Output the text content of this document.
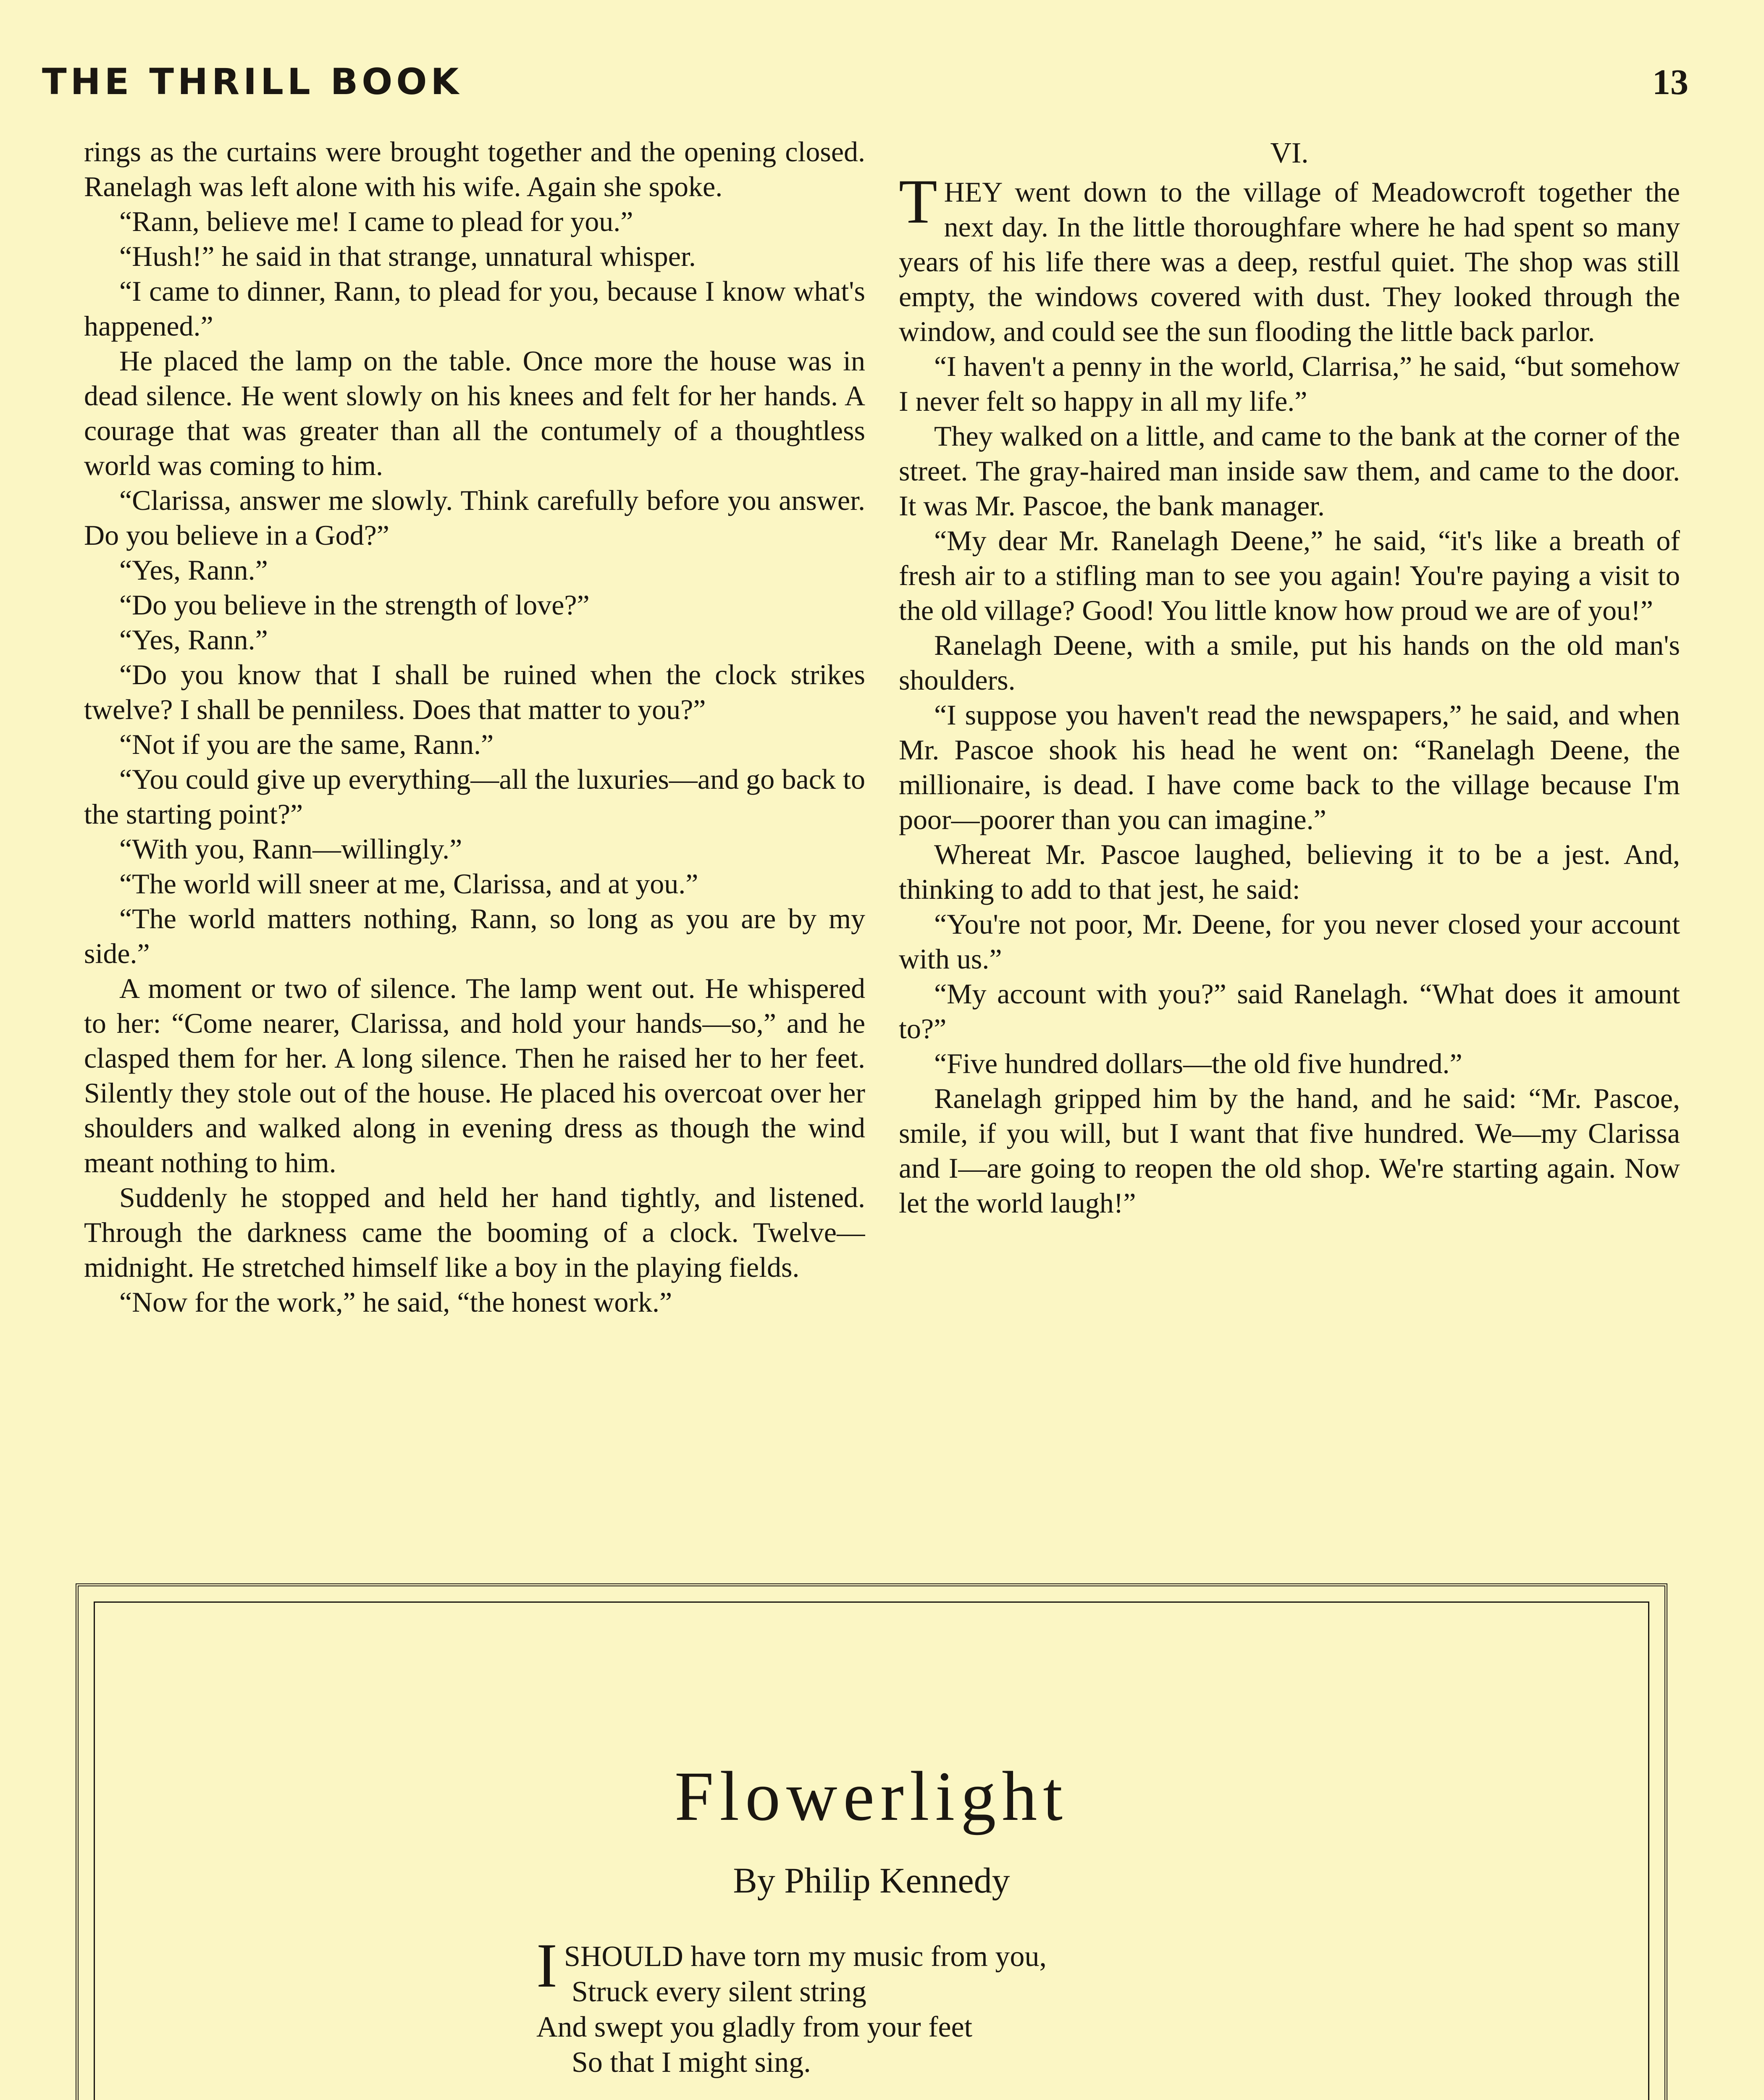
THE THRILL BOOK	13

rings as the curtains were brought together and the opening closed. Ranelagh was left alone with his wife. Again she spoke.

“Rann, believe me! I came to plead for you.”

“Hush!” he said in that strange, unnatural whisper.

“I came to dinner, Rann, to plead for you, because I know what's happened.”

He placed the lamp on the table. Once more the house was in dead silence. He went slowly on his knees and felt for her hands. A courage that was greater than all the contumely of a thoughtless world was coming to him.

“Clarissa, answer me slowly. Think carefully before you answer. Do you believe in a God?”

“Yes, Rann.”

“Do you believe in the strength of love?”

“Yes, Rann.”

“Do you know that I shall be ruined when the clock strikes twelve? I shall be penniless. Does that matter to you?”

“Not if you are the same, Rann.”

“You could give up everything—all the luxuries—and go back to the starting point?”

“With you, Rann—willingly.”

“The world will sneer at me, Clarissa, and at you.”

“The world matters nothing, Rann, so long as you are by my side.”

A moment or two of silence. The lamp went out. He whispered to her: “Come nearer, Clarissa, and hold your hands—so,” and he clasped them for her. A long silence. Then he raised her to her feet. Silently they stole out of the house. He placed his overcoat over her shoulders and walked along in evening dress as though the wind meant nothing to him.

Suddenly he stopped and held her hand tightly, and listened. Through the darkness came the booming of a clock. Twelve—midnight. He stretched himself like a boy in the playing fields.

“Now for the work,” he said, “the honest work.”

VI.

THEY went down to the village of Meadowcroft together the next day. In the little thoroughfare where he had spent so many years of his life there was a deep, restful quiet. The shop was still empty, the windows covered with dust. They looked through the window, and could see the sun flooding the little back parlor.

“I haven't a penny in the world, Clarrisa,” he said, “but somehow I never felt so happy in all my life.”

They walked on a little, and came to the bank at the corner of the street. The gray-haired man inside saw them, and came to the door. It was Mr. Pascoe, the bank manager.

“My dear Mr. Ranelagh Deene,” he said, “it's like a breath of fresh air to a stifling man to see you again! You're paying a visit to the old village? Good! You little know how proud we are of you!”

Ranelagh Deene, with a smile, put his hands on the old man's shoulders.

“I suppose you haven't read the newspapers,” he said, and when Mr. Pascoe shook his head he went on: “Ranelagh Deene, the millionaire, is dead. I have come back to the village because I'm poor—poorer than you can imagine.”

Whereat Mr. Pascoe laughed, believing it to be a jest. And, thinking to add to that jest, he said:

“You're not poor, Mr. Deene, for you never closed your account with us.”

“My account with you?” said Ranelagh. “What does it amount to?”

“Five hundred dollars—the old five hundred.”

Ranelagh gripped him by the hand, and he said: “Mr. Pascoe, smile, if you will, but I want that five hundred. We—my Clarissa and I—are going to reopen the old shop. We're starting again. Now let the world laugh!”

Flowerlight
By Philip Kennedy

I SHOULD have torn my music from you,

Struck every silent string

And swept you gladly from your feet

So that I might sing.
